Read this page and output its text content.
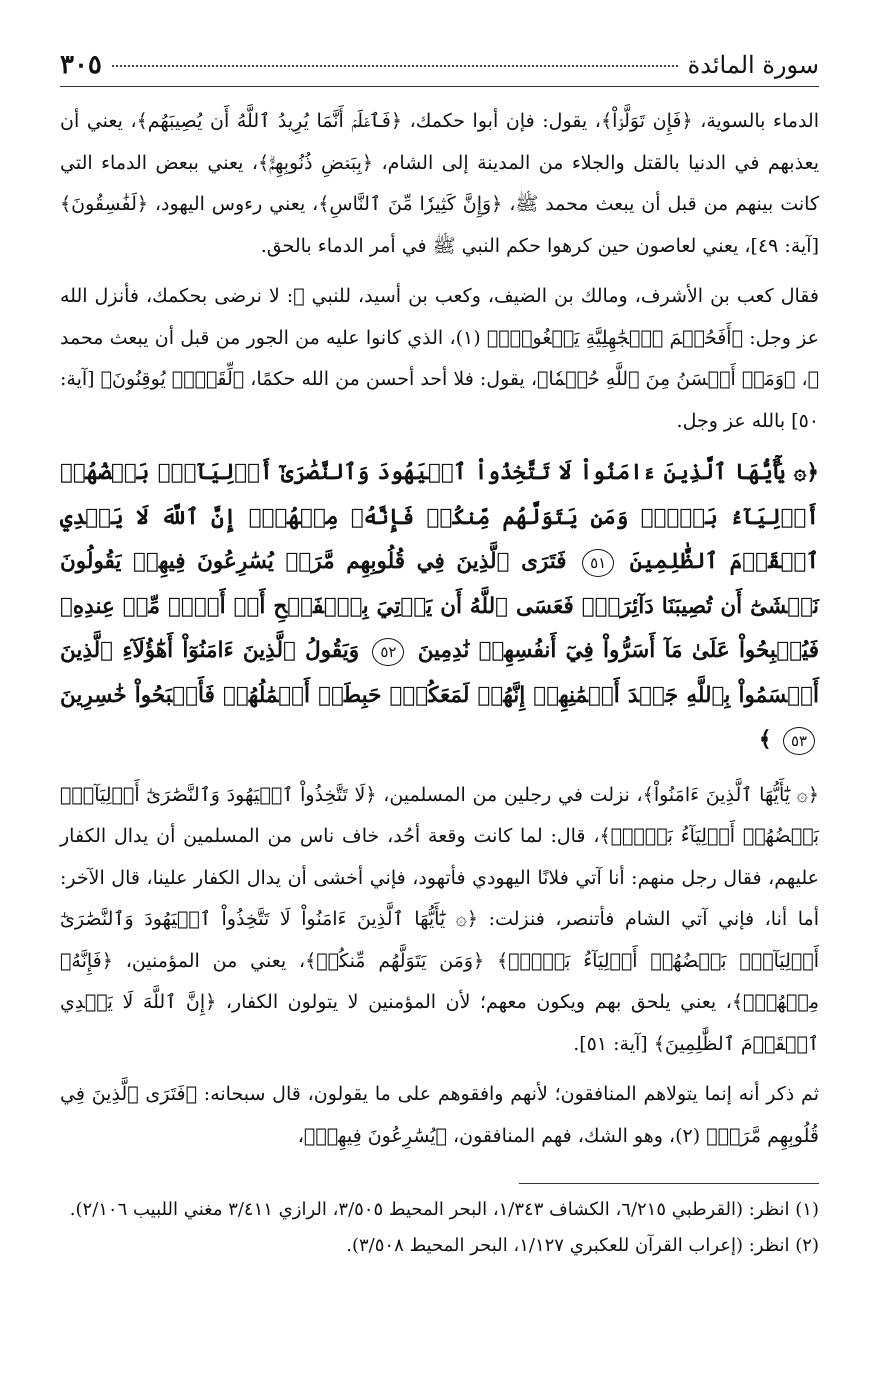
سورة المائدة
٣٠٥

الدماء بالسوية، ﴿فَإِن تَوَلَّوۡاْ﴾، يقول: فإن أبوا حكمك، ﴿فَٱعۡلَمۡ أَنَّمَا يُرِيدُ ٱللَّهُ أَن يُصِيبَهُم﴾، يعني أن يعذبهم في الدنيا بالقتل والجلاء من المدينة إلى الشام، ﴿بِبَعۡضِ ذُنُوبِهِمۡۗ﴾، يعني ببعض الدماء التي كانت بينهم من قبل أن يبعث محمد ﷺ، ﴿وَإِنَّ كَثِيرٗا مِّنَ ٱلنَّاسِ﴾، يعني رءوس اليهود، ﴿لَفَٰسِقُونَ﴾ [آية: ٤٩]، يعني لعاصون حين كرهوا حكم النبي ﷺ في أمر الدماء بالحق.

فقال كعب بن الأشرف، ومالك بن الضيف، وكعب بن أسيد، للنبي ﷺ: لا نرضى بحكمك، فأنزل الله عز وجل: ﴿أَفَحُكۡمَ ٱلۡجَٰهِلِيَّةِ يَبۡغُونَۚ﴾ (١)، الذي كانوا عليه من الجور من قبل أن يبعث محمد ﷺ، ﴿وَمَنۡ أَحۡسَنُ مِنَ ٱللَّهِ حُكۡمٗا﴾، يقول: فلا أحد أحسن من الله حكمًا، ﴿لِّقَوۡمٖ يُوقِنُونَ﴾ [آية: ٥٠] بالله عز وجل.

﴿۞ يَٰٓأَيُّهَا ٱلَّذِينَ ءَامَنُواْ لَا تَتَّخِذُواْ ٱلۡيَهُودَ وَٱلنَّصَٰرَىٰٓ أَوۡلِيَآءَۘ بَعۡضُهُمۡ أَوۡلِيَآءُ بَعۡضٖۚ وَمَن يَتَوَلَّهُم مِّنكُمۡ فَإِنَّهُۥ مِنۡهُمۡۗ إِنَّ ٱللَّهَ لَا يَهۡدِي ٱلۡقَوۡمَ ٱلظَّٰلِمِينَ ٥١ فَتَرَى ٱلَّذِينَ فِي قُلُوبِهِم مَّرَضٞ يُسَٰرِعُونَ فِيهِمۡ يَقُولُونَ نَخۡشَىٰٓ أَن تُصِيبَنَا دَآئِرَةٞۚ فَعَسَى ٱللَّهُ أَن يَأۡتِيَ بِٱلۡفَتۡحِ أَوۡ أَمۡرٖ مِّنۡ عِندِهِۦ فَيُصۡبِحُواْ عَلَىٰ مَآ أَسَرُّواْ فِيٓ أَنفُسِهِمۡ نَٰدِمِينَ ٥٢ وَيَقُولُ ٱلَّذِينَ ءَامَنُوٓاْ أَهَٰٓؤُلَآءِ ٱلَّذِينَ أَقۡسَمُواْ بِٱللَّهِ جَهۡدَ أَيۡمَٰنِهِمۡ إِنَّهُمۡ لَمَعَكُمۡۚ حَبِطَتۡ أَعۡمَٰلُهُمۡ فَأَصۡبَحُواْ خَٰسِرِينَ ٥٣ ﴾

﴿۞ يَٰٓأَيُّهَا ٱلَّذِينَ ءَامَنُواْ﴾، نزلت في رجلين من المسلمين، ﴿لَا تَتَّخِذُواْ ٱلۡيَهُودَ وَٱلنَّصَٰرَىٰٓ أَوۡلِيَآءَۘ بَعۡضُهُمۡ أَوۡلِيَآءُ بَعۡضٖۚ﴾، قال: لما كانت وقعة أحُد، خاف ناس من المسلمين أن يدال الكفار عليهم، فقال رجل منهم: أنا آتي فلانًا اليهودي فأتهود، فإني أخشى أن يدال الكفار علينا، قال الآخر: أما أنا، فإني آتي الشام فأتنصر، فنزلت: ﴿۞ يَٰٓأَيُّهَا ٱلَّذِينَ ءَامَنُواْ لَا تَتَّخِذُواْ ٱلۡيَهُودَ وَٱلنَّصَٰرَىٰٓ أَوۡلِيَآءَۘ بَعۡضُهُمۡ أَوۡلِيَآءُ بَعۡضٖۚ﴾ ﴿وَمَن يَتَوَلَّهُم مِّنكُمۡ﴾، يعني من المؤمنين، ﴿فَإِنَّهُۥ مِنۡهُمۡۗ﴾، يعني يلحق بهم ويكون معهم؛ لأن المؤمنين لا يتولون الكفار، ﴿إِنَّ ٱللَّهَ لَا يَهۡدِي ٱلۡقَوۡمَ ٱلظَّٰلِمِينَ﴾ [آية: ٥١].

ثم ذكر أنه إنما يتولاهم المنافقون؛ لأنهم وافقوهم على ما يقولون، قال سبحانه: ﴿فَتَرَى ٱلَّذِينَ فِي قُلُوبِهِم مَّرَضٞ﴾ (٢)، وهو الشك، فهم المنافقون، ﴿يُسَٰرِعُونَ فِيهِمۡ﴾،

(١) انظر: (القرطبي ٦/٢١٥، الكشاف ١/٣٤٣، البحر المحيط ٣/٥٠٥، الرازي ٣/٤١١ مغني اللبيب ٢/١٠٦).

(٢) انظر: (إعراب القرآن للعكبري ١/١٢٧، البحر المحيط ٣/٥٠٨).
